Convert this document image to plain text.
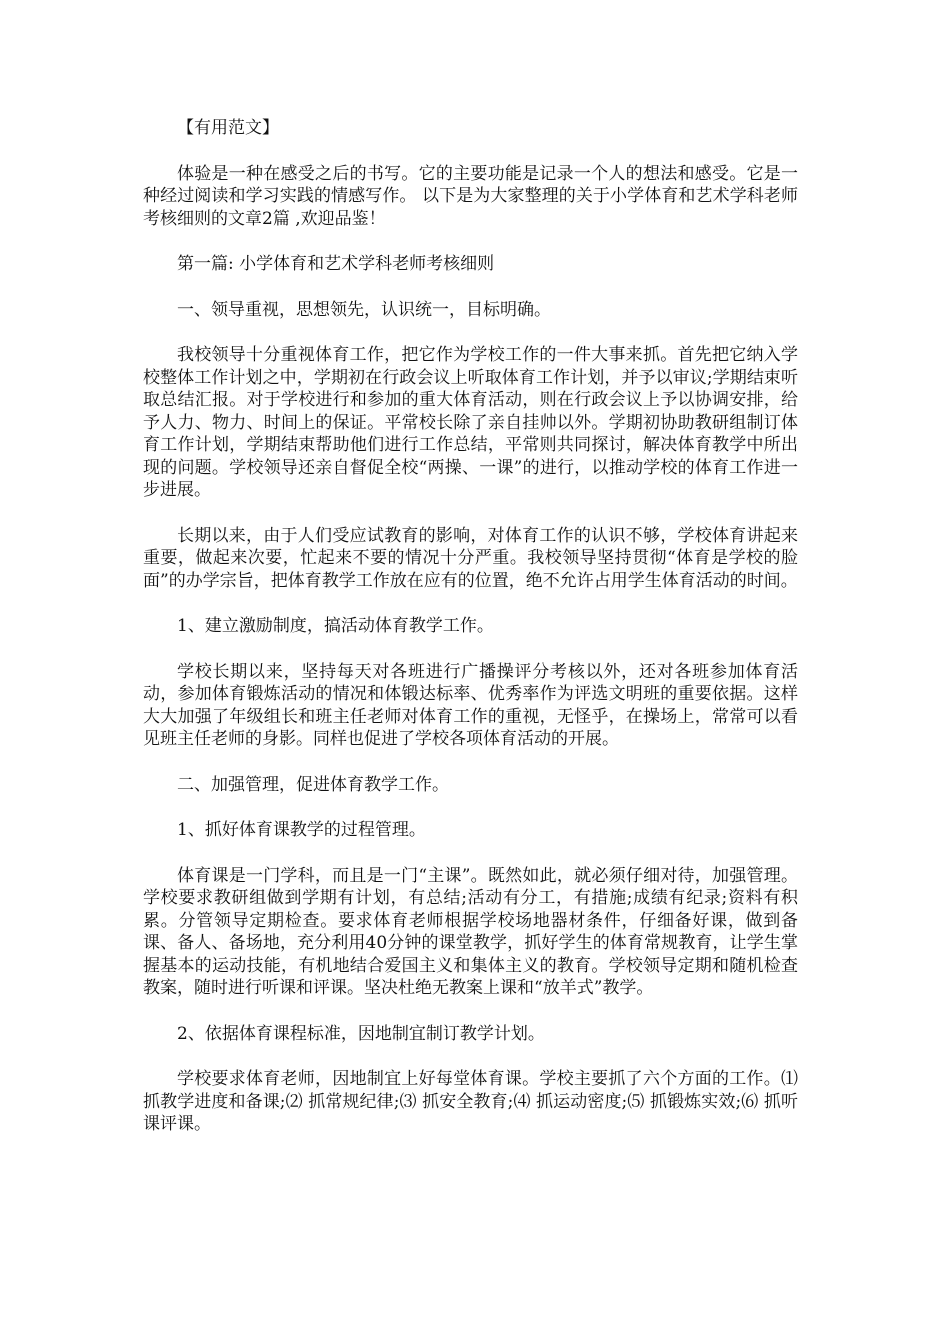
【有用范文】

体验是一种在感受之后的书写。它的主要功能是记录一个人的想法和感受。它是一种经过阅读和学习实践的情感写作。 以下是为大家整理的关于小学体育和艺术学科老师考核细则的文章2篇 ,欢迎品鉴！

第一篇: 小学体育和艺术学科老师考核细则

一、领导重视，思想领先，认识统一，目标明确。

我校领导十分重视体育工作，把它作为学校工作的一件大事来抓。首先把它纳入学校整体工作计划之中，学期初在行政会议上听取体育工作计划，并予以审议;学期结束听取总结汇报。对于学校进行和参加的重大体育活动，则在行政会议上予以协调安排，给予人力、物力、时间上的保证。平常校长除了亲自挂帅以外。学期初协助教研组制订体育工作计划，学期结束帮助他们进行工作总结，平常则共同探讨，解决体育教学中所出现的问题。学校领导还亲自督促全校“两操、一课”的进行，以推动学校的体育工作进一步进展。

长期以来，由于人们受应试教育的影响，对体育工作的认识不够，学校体育讲起来重要，做起来次要，忙起来不要的情况十分严重。我校领导坚持贯彻“体育是学校的脸面”的办学宗旨，把体育教学工作放在应有的位置，绝不允许占用学生体育活动的时间。

1、建立激励制度，搞活动体育教学工作。

学校长期以来，坚持每天对各班进行广播操评分考核以外，还对各班参加体育活动，参加体育锻炼活动的情况和体锻达标率、优秀率作为评选文明班的重要依据。这样大大加强了年级组长和班主任老师对体育工作的重视，无怪乎，在操场上，常常可以看见班主任老师的身影。同样也促进了学校各项体育活动的开展。

二、加强管理，促进体育教学工作。

1、抓好体育课教学的过程管理。

体育课是一门学科，而且是一门“主课”。既然如此，就必须仔细对待，加强管理。学校要求教研组做到学期有计划，有总结;活动有分工，有措施;成绩有纪录;资料有积累。分管领导定期检查。要求体育老师根据学校场地器材条件，仔细备好课，做到备课、备人、备场地，充分利用40分钟的课堂教学，抓好学生的体育常规教育，让学生掌握基本的运动技能，有机地结合爱国主义和集体主义的教育。学校领导定期和随机检查教案，随时进行听课和评课。坚决杜绝无教案上课和“放羊式”教学。

2、依据体育课程标准，因地制宜制订教学计划。

学校要求体育老师，因地制宜上好每堂体育课。学校主要抓了六个方面的工作。⑴抓教学进度和备课;⑵ 抓常规纪律;⑶ 抓安全教育;⑷ 抓运动密度;⑸ 抓锻炼实效;⑹ 抓听课评课。
